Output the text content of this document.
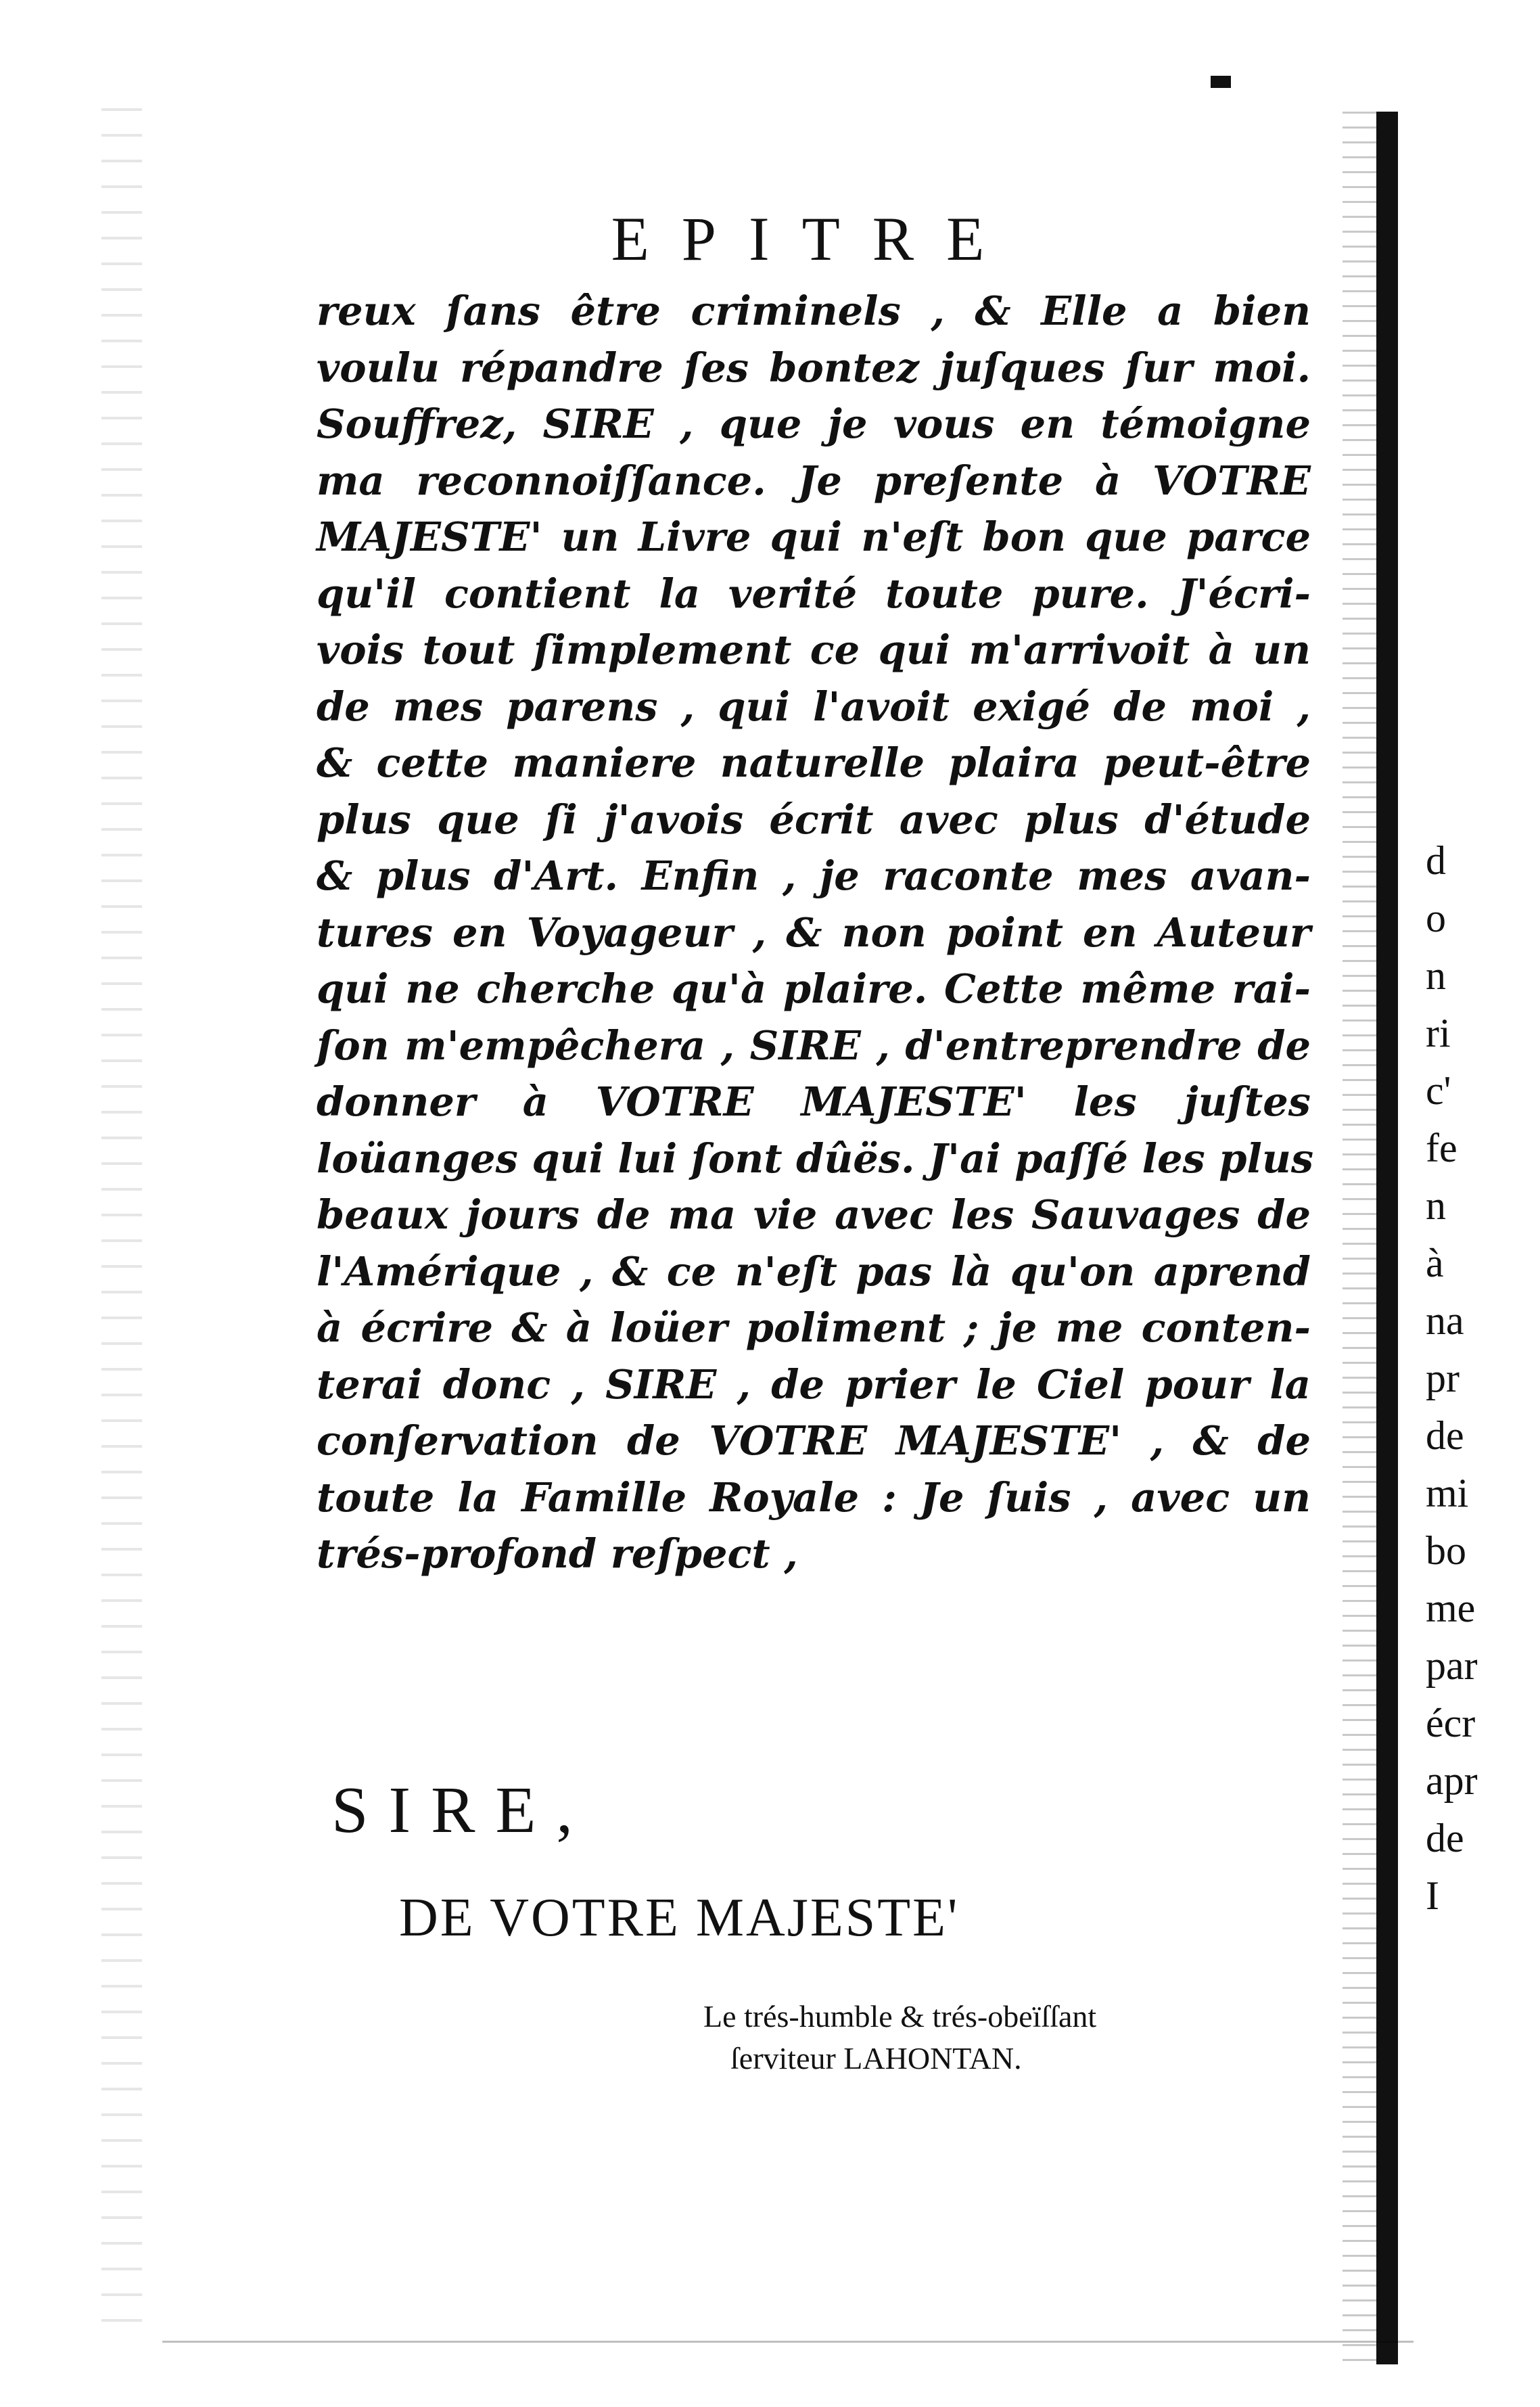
EPITRE
reux ſans être criminels , & Elle a bien
voulu répandre ſes bontez juſques ſur moi.
Souffrez, SIRE , que je vous en témoigne
ma reconnoiſſance. Je preſente à VOTRE
MAJESTE' un Livre qui n'eſt bon que parce
qu'il contient la verité toute pure. J'écri-
vois tout ſimplement ce qui m'arrivoit à un
de mes parens , qui l'avoit exigé de moi ,
& cette maniere naturelle plaira peut-être
plus que ſi j'avois écrit avec plus d'étude
& plus d'Art. Enfin , je raconte mes avan-
tures en Voyageur , & non point en Auteur
qui ne cherche qu'à plaire. Cette même rai-
ſon m'empêchera , SIRE , d'entreprendre de
donner à VOTRE MAJESTE' les juſtes
loüanges qui lui ſont dûës. J'ai paſſé les plus
beaux jours de ma vie avec les Sauvages de
l'Amérique , & ce n'eſt pas là qu'on aprend
à écrire & à loüer poliment ; je me conten-
terai donc , SIRE , de prier le Ciel pour la
conſervation de VOTRE MAJESTE' , & de
toute la Famille Royale : Je ſuis , avec un
trés-profond reſpect ,
SIRE,
DE VOTRE MAJESTE'
Le trés-humble & trés-obeïſſant
ſerviteur LAHONTAN.
d
o
n
ri
c'
fe
n
à
na
pr
de
mi
bo
me
par
écr
apr
de
I
